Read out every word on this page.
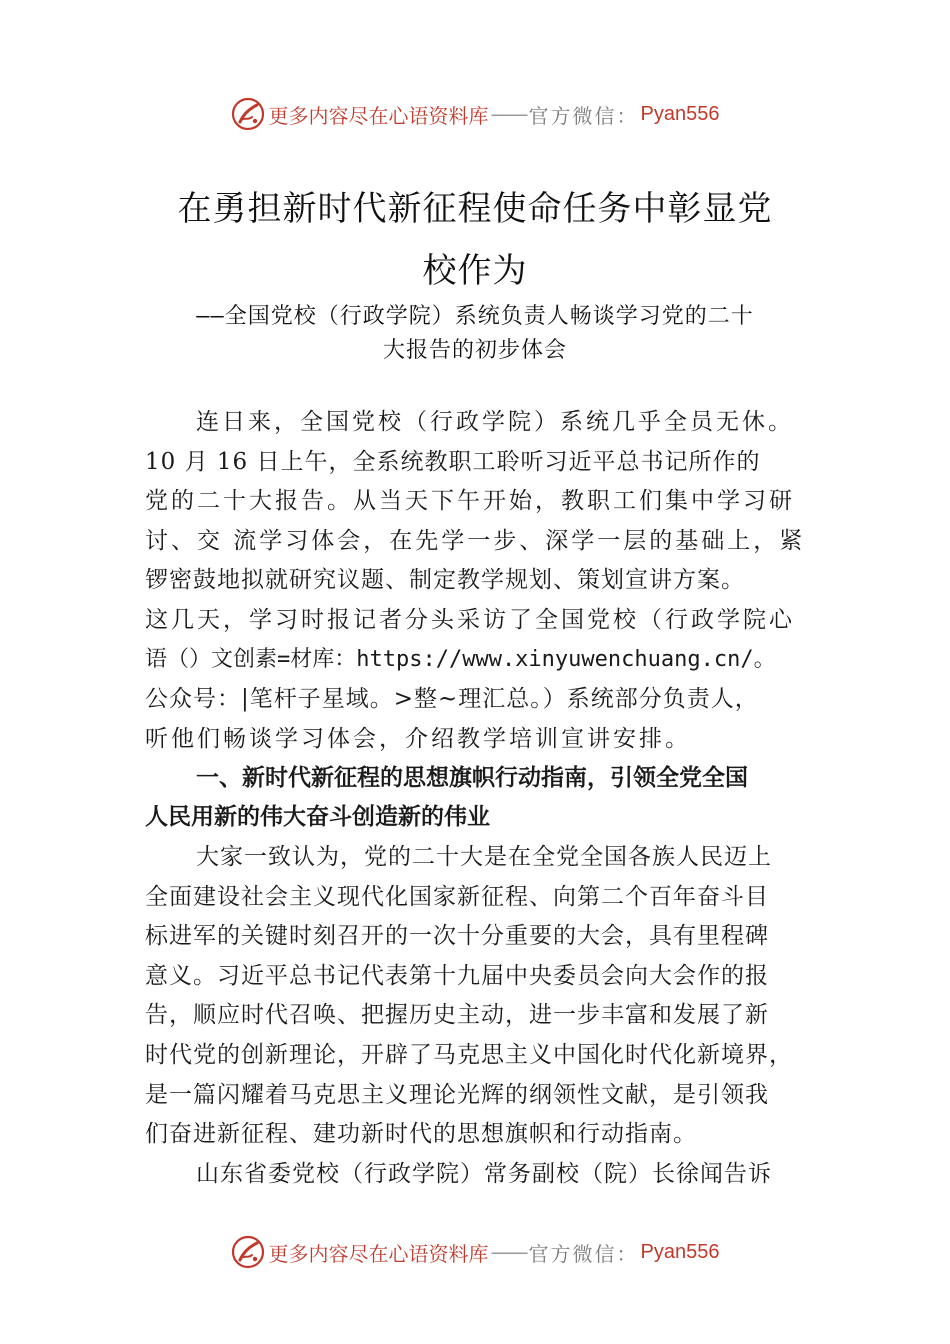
更多内容尽在心语资料库 —— 官方微信： Pyan556
在勇担新时代新征程使命任务中彰显党
校作为
——全国党校（行政学院）系统负责人畅谈学习党的二十
大报告的初步体会
连日来，全国党校（行政学院）系统几乎全员无休。
10 月 16 日上午，全系统教职工聆听习近平总书记所作的
党的二十大报告。从当天下午开始，教职工们集中学习研
讨、交 流学习体会，在先学一步、深学一层的基础上，紧
锣密鼓地拟就研究议题、制定教学规划、策划宣讲方案。
这几天，学习时报记者分头采访了全国党校（行政学院心
语（）文创素=材库：https://www.xinyuwenchuang.cn/。
公众号：|笔杆子星域。>整~理汇总。）系统部分负责人，
听他们畅谈学习体会，介绍教学培训宣讲安排。
一、新时代新征程的思想旗帜行动指南，引领全党全国
人民用新的伟大奋斗创造新的伟业
大家一致认为，党的二十大是在全党全国各族人民迈上
全面建设社会主义现代化国家新征程、向第二个百年奋斗目
标进军的关键时刻召开的一次十分重要的大会，具有里程碑
意义。习近平总书记代表第十九届中央委员会向大会作的报
告，顺应时代召唤、把握历史主动，进一步丰富和发展了新
时代党的创新理论，开辟了马克思主义中国化时代化新境界，
是一篇闪耀着马克思主义理论光辉的纲领性文献，是引领我
们奋进新征程、建功新时代的思想旗帜和行动指南。
山东省委党校（行政学院）常务副校（院）长徐闻告诉
更多内容尽在心语资料库 —— 官方微信： Pyan556
